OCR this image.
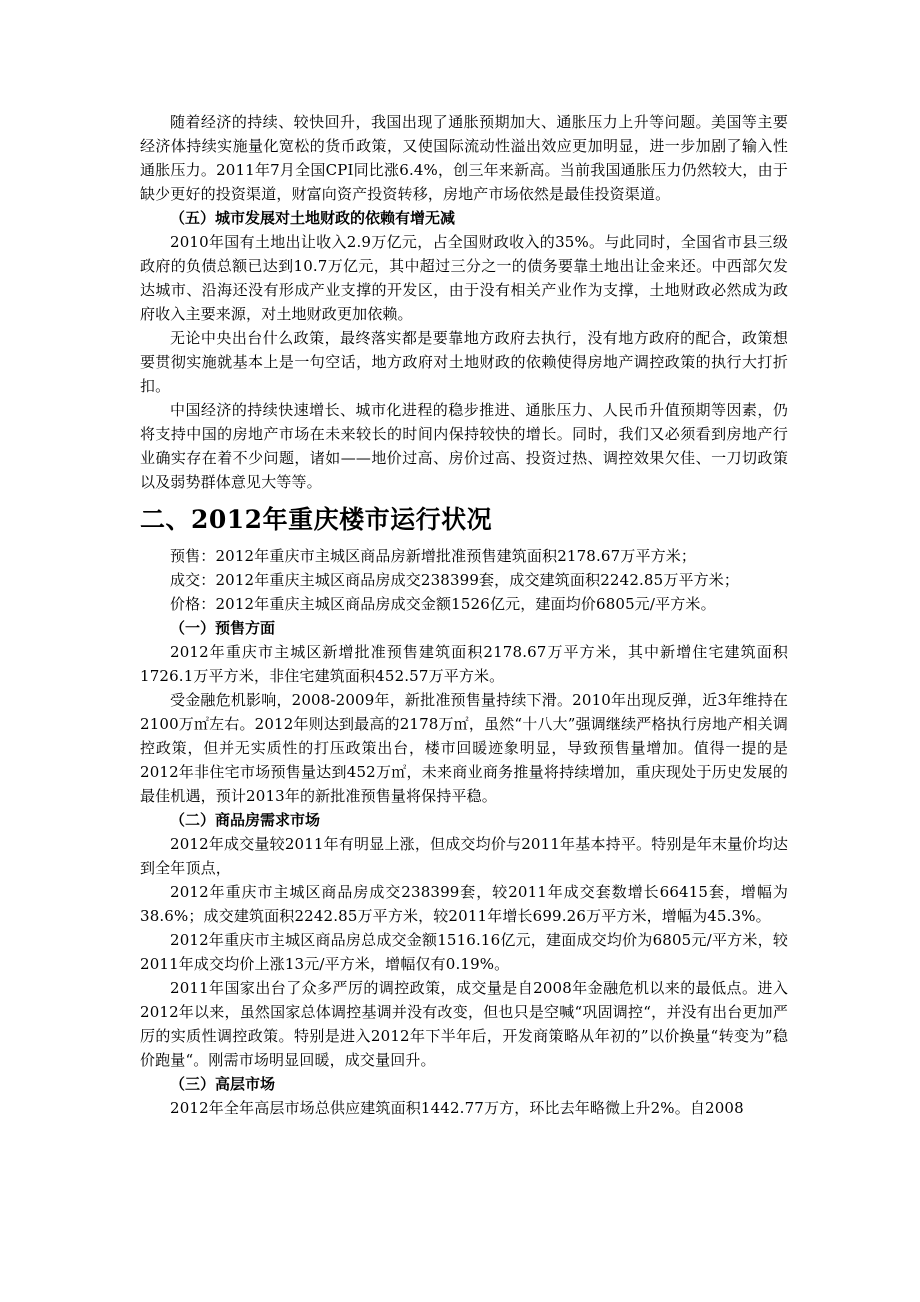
随着经济的持续、较快回升，我国出现了通胀预期加大、通胀压力上升等问题。美国等主要经济体持续实施量化宽松的货币政策，又使国际流动性溢出效应更加明显，进一步加剧了输入性通胀压力。2011年7月全国CPI同比涨6.4%，创三年来新高。当前我国通胀压力仍然较大，由于缺少更好的投资渠道，财富向资产投资转移，房地产市场依然是最佳投资渠道。

（五）城市发展对土地财政的依赖有增无减

2010年国有土地出让收入2.9万亿元，占全国财政收入的35%。与此同时，全国省市县三级政府的负债总额已达到10.7万亿元，其中超过三分之一的债务要靠土地出让金来还。中西部欠发达城市、沿海还没有形成产业支撑的开发区，由于没有相关产业作为支撑，土地财政必然成为政府收入主要来源，对土地财政更加依赖。

无论中央出台什么政策，最终落实都是要靠地方政府去执行，没有地方政府的配合，政策想要贯彻实施就基本上是一句空话，地方政府对土地财政的依赖使得房地产调控政策的执行大打折扣。

中国经济的持续快速增长、城市化进程的稳步推进、通胀压力、人民币升值预期等因素，仍将支持中国的房地产市场在未来较长的时间内保持较快的增长。同时，我们又必须看到房地产行业确实存在着不少问题，诸如——地价过高、房价过高、投资过热、调控效果欠佳、一刀切政策以及弱势群体意见大等等。

二、2012年重庆楼市运行状况

预售：2012年重庆市主城区商品房新增批准预售建筑面积2178.67万平方米；

成交：2012年重庆主城区商品房成交238399套，成交建筑面积2242.85万平方米；

价格：2012年重庆主城区商品房成交金额1526亿元，建面均价6805元/平方米。

（一）预售方面

2012年重庆市主城区新增批准预售建筑面积2178.67万平方米，其中新增住宅建筑面积1726.1万平方米，非住宅建筑面积452.57万平方米。

受金融危机影响，2008-2009年，新批准预售量持续下滑。2010年出现反弹，近3年维持在2100万㎡左右。2012年则达到最高的2178万㎡，虽然“十八大”强调继续严格执行房地产相关调控政策，但并无实质性的打压政策出台，楼市回暖迹象明显，导致预售量增加。值得一提的是2012年非住宅市场预售量达到452万㎡，未来商业商务推量将持续增加，重庆现处于历史发展的最佳机遇，预计2013年的新批准预售量将保持平稳。

（二）商品房需求市场

2012年成交量较2011年有明显上涨，但成交均价与2011年基本持平。特别是年末量价均达到全年顶点，

2012年重庆市主城区商品房成交238399套，较2011年成交套数增长66415套，增幅为38.6%；成交建筑面积2242.85万平方米，较2011年增长699.26万平方米，增幅为45.3%。

2012年重庆市主城区商品房总成交金额1516.16亿元，建面成交均价为6805元/平方米，较2011年成交均价上涨13元/平方米，增幅仅有0.19%。

2011年国家出台了众多严厉的调控政策，成交量是自2008年金融危机以来的最低点。进入2012年以来，虽然国家总体调控基调并没有改变，但也只是空喊“巩固调控“，并没有出台更加严厉的实质性调控政策。特别是进入2012年下半年后，开发商策略从年初的”以价换量“转变为”稳价跑量“。刚需市场明显回暖，成交量回升。

（三）高层市场

2012年全年高层市场总供应建筑面积1442.77万方，环比去年略微上升2%。自2008
